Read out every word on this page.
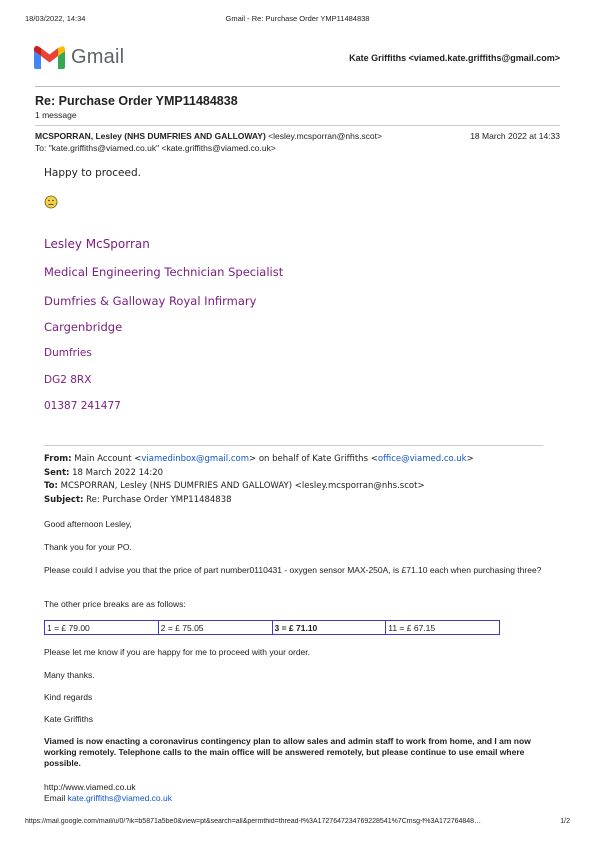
18/03/2022, 14:34	Gmail - Re: Purchase Order YMP11484838
Gmail	Kate Griffiths <viamed.kate.griffiths@gmail.com>
Re: Purchase Order YMP11484838
1 message
MCSPORRAN, Lesley (NHS DUMFRIES AND GALLOWAY) <lesley.mcsporran@nhs.scot>	18 March 2022 at 14:33
To: "kate.griffiths@viamed.co.uk" <kate.griffiths@viamed.co.uk>
Happy to proceed.
Lesley McSporran
Medical Engineering Technician Specialist
Dumfries & Galloway Royal Infirmary
Cargenbridge
Dumfries
DG2 8RX
01387 241477
From: Main Account <viamedinbox@gmail.com> on behalf of Kate Griffiths <office@viamed.co.uk>
Sent: 18 March 2022 14:20
To: MCSPORRAN, Lesley (NHS DUMFRIES AND GALLOWAY) <lesley.mcsporran@nhs.scot>
Subject: Re: Purchase Order YMP11484838
Good afternoon Lesley,
Thank you for your PO.
Please could I advise you that the price of part number0110431 - oxygen sensor MAX-250A, is £71.10 each when purchasing three?
The other price breaks are as follows:
1 = £ 79.00	2 = £ 75.05	3 = £ 71.10	11 = £ 67.15
Please let me know if you are happy for me to proceed with your order.
Many thanks.
Kind regards
Kate Griffiths
Viamed is now enacting a coronavirus contingency plan to allow sales and admin staff to work from home, and I am now working remotely. Telephone calls to the main office will be answered remotely, but please continue to use email where possible.
http://www.viamed.co.uk
Email kate.griffiths@viamed.co.uk
https://mail.google.com/mail/u/0/?ik=b5871a5be0&view=pt&search=all&permthid=thread-f%3A1727647234769228541%7Cmsg-f%3A172764848…	1/2
